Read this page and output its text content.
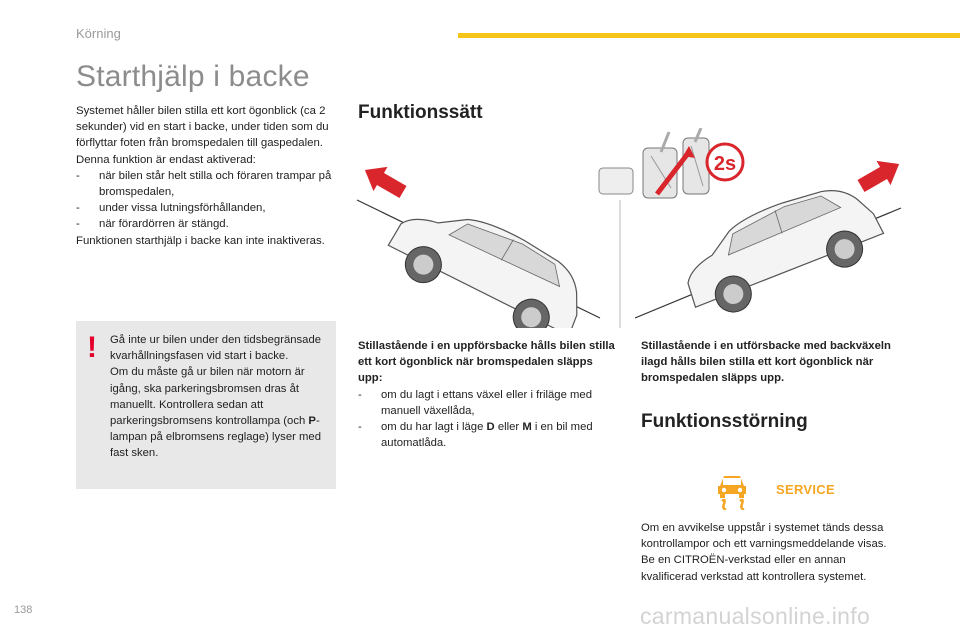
Körning
Starthjälp i backe

Systemet håller bilen stilla ett kort ögonblick (ca 2 sekunder) vid en start i backe, under tiden som du förflyttar foten från bromspedalen till gaspedalen.

Denna funktion är endast aktiverad:

- när bilen står helt stilla och föraren trampar på bromspedalen,
- under vissa lutningsförhållanden,
- när förardörren är stängd.

Funktionen starthjälp i backe kan inte inaktiveras.

! Gå inte ur bilen under den tidsbegränsade kvarhållningsfasen vid start i backe.

Om du måste gå ur bilen när motorn är igång, ska parkeringsbromsen dras åt manuellt. Kontrollera sedan att parkeringsbromsens kontrollampa (och P-lampan på elbromsens reglage) lyser med fast sken.

Funktionssätt
2s

Stillastående i en uppförsbacke hålls bilen stilla ett kort ögonblick när bromspedalen släpps upp:

- om du lagt i ettans växel eller i friläge med manuell växellåda,
- om du har lagt i läge D eller M i en bil med automatlåda.
Stillastående i en utförsbacke med backväxeln ilagd hålls bilen stilla ett kort ögonblick när bromspedalen släpps upp.
Funktionsstörning
SERVICE
Om en avvikelse uppstår i systemet tänds dessa kontrollampor och ett varningsmeddelande visas. Be en CITROËN-verkstad eller en annan kvalificerad verkstad att kontrollera systemet.
138	carmanualsonline.info
